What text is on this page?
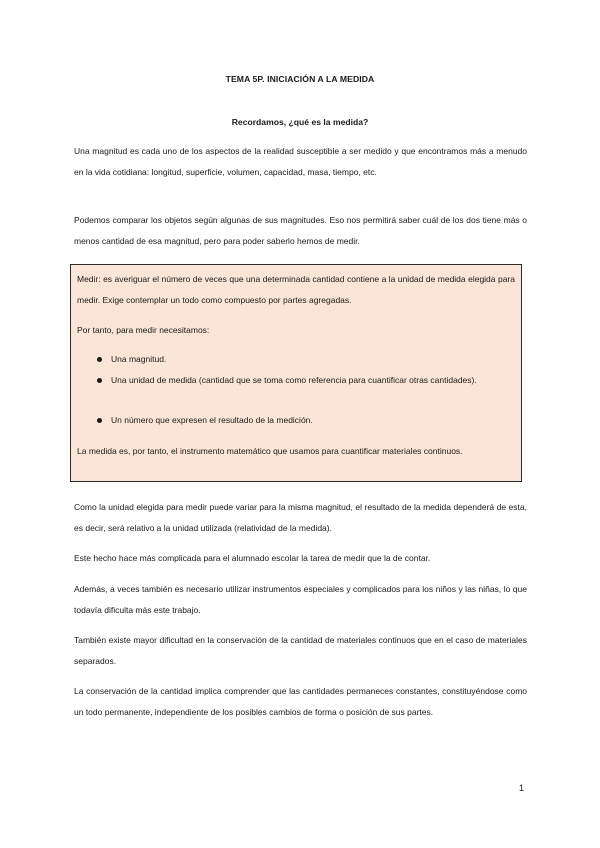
TEMA 5P. INICIACIÓN A LA MEDIDA
Recordamos, ¿qué es la medida?

Una magnitud es cada uno de los aspectos de la realidad susceptible a ser medido y que encontramos más a menudo en la vida cotidiana: longitud, superficie, volumen, capacidad, masa, tiempo, etc.

Podemos comparar los objetos según algunas de sus magnitudes. Eso nos permitirá saber cuál de los dos tiene más o menos cantidad de esa magnitud, pero para poder saberlo hemos de medir.

Medir: es averiguar el número de veces que una determinada cantidad contiene a la unidad de medida elegida para medir. Exige contemplar un todo como compuesto por partes agregadas.

Por tanto, para medir necesitamos:

Una magnitud.
Una unidad de medida (cantidad que se toma como referencia para cuantificar otras cantidades).
Un número que expresen el resultado de la medición.

La medida es, por tanto, el instrumento matemático que usamos para cuantificar materiales continuos.

Como la unidad elegida para medir puede variar para la misma magnitud, el resultado de la medida dependerá de esta, es decir, será relativo a la unidad utilizada (relatividad de la medida).

Este hecho hace más complicada para el alumnado escolar la tarea de medir que la de contar.

Además, a veces también es necesario utilizar instrumentos especiales y complicados para los niños y las niñas, lo que todavía dificulta más este trabajo.

También existe mayor dificultad en la conservación de la cantidad de materiales continuos que en el caso de materiales separados.

La conservación de la cantidad implica comprender que las cantidades permaneces constantes, constituyéndose como un todo permanente, independiente de los posibles cambios de forma o posición de sus partes.

1
